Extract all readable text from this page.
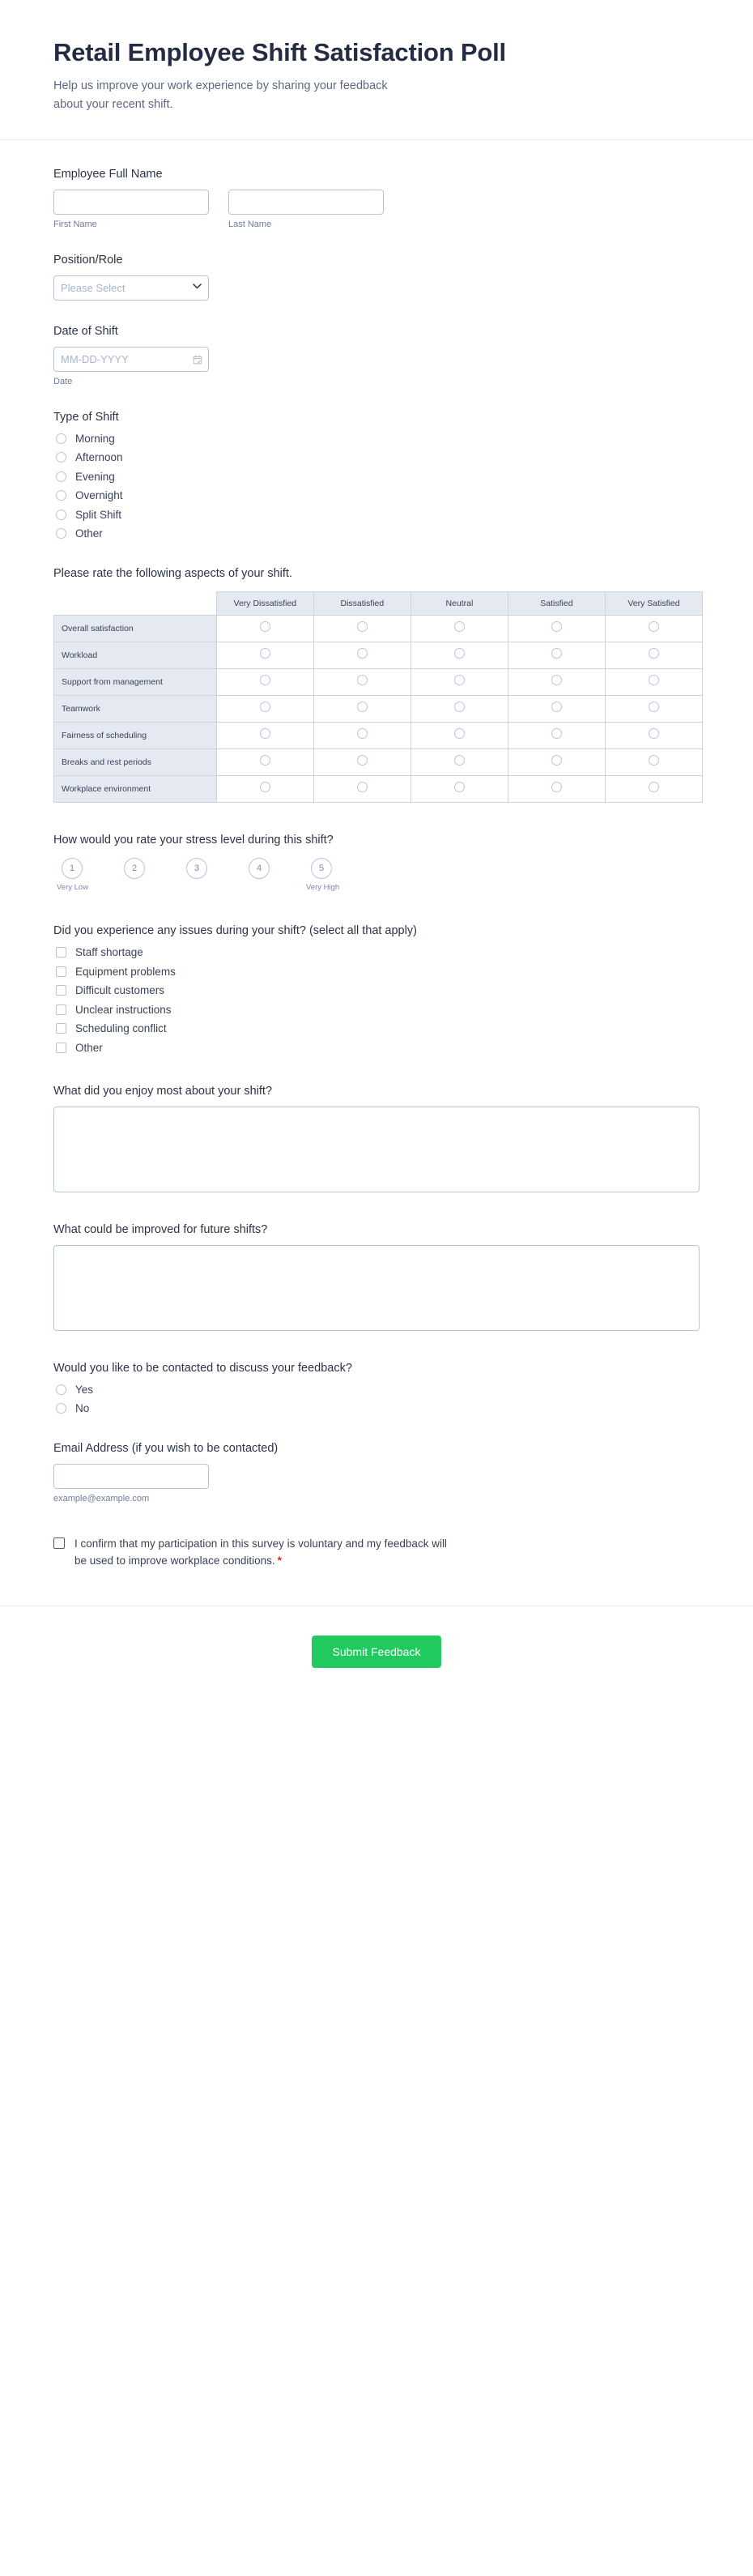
Retail Employee Shift Satisfaction Poll

Help us improve your work experience by sharing your feedback about your recent shift.

Employee Full Name
First Name	Last Name
Position/Role
Please Select
Date of Shift
MM-DD-YYYY
Date
Type of Shift
Morning
Afternoon
Evening
Overnight
Split Shift
Other
Please rate the following aspects of your shift.
	Very Dissatisfied	Dissatisfied	Neutral	Satisfied	Very Satisfied
Overall satisfaction					
Workload					
Support from management					
Teamwork					
Fairness of scheduling					
Breaks and rest periods					
Workplace environment					
How would you rate your stress level during this shift?
1
Very Low
2	3	4	5
Very High
Did you experience any issues during your shift? (select all that apply)
Staff shortage
Equipment problems
Difficult customers
Unclear instructions
Scheduling conflict
Other
What did you enjoy most about your shift?
What could be improved for future shifts?
Would you like to be contacted to discuss your feedback?
Yes
No
Email Address (if you wish to be contacted)
example@example.com
I confirm that my participation in this survey is voluntary and my feedback will be used to improve workplace conditions. *
Submit Feedback
